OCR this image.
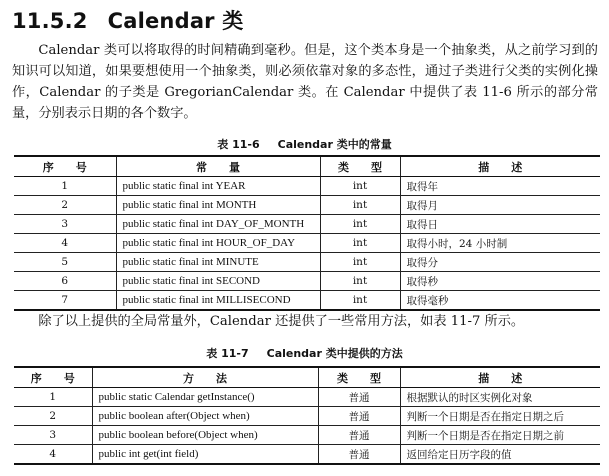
11.5.2 Calendar 类

Calendar 类可以将取得的时间精确到毫秒。但是，这个类本身是一个抽象类，从之前学习到的知识可以知道，如果要想使用一个抽象类，则必须依靠对象的多态性，通过子类进行父类的实例化操作，Calendar 的子类是 GregorianCalendar 类。在 Calendar 中提供了表 11-6 所示的部分常量，分别表示日期的各个数字。

表 11-6 Calendar 类中的常量
序　　号	常　　量	类　　型	描　　述
1	public static final int YEAR	int	取得年
2	public static final int MONTH	int	取得月
3	public static final int DAY_OF_MONTH	int	取得日
4	public static final int HOUR_OF_DAY	int	取得小时，24 小时制
5	public static final int MINUTE	int	取得分
6	public static final int SECOND	int	取得秒
7	public static final int MILLISECOND	int	取得毫秒

除了以上提供的全局常量外，Calendar 还提供了一些常用方法，如表 11-7 所示。

表 11-7 Calendar 类中提供的方法
序　　号	方　　法	类　　型	描　　述
1	public static Calendar getInstance()	普通	根据默认的时区实例化对象
2	public boolean after(Object when)	普通	判断一个日期是否在指定日期之后
3	public boolean before(Object when)	普通	判断一个日期是否在指定日期之前
4	public int get(int field)	普通	返回给定日历字段的值
